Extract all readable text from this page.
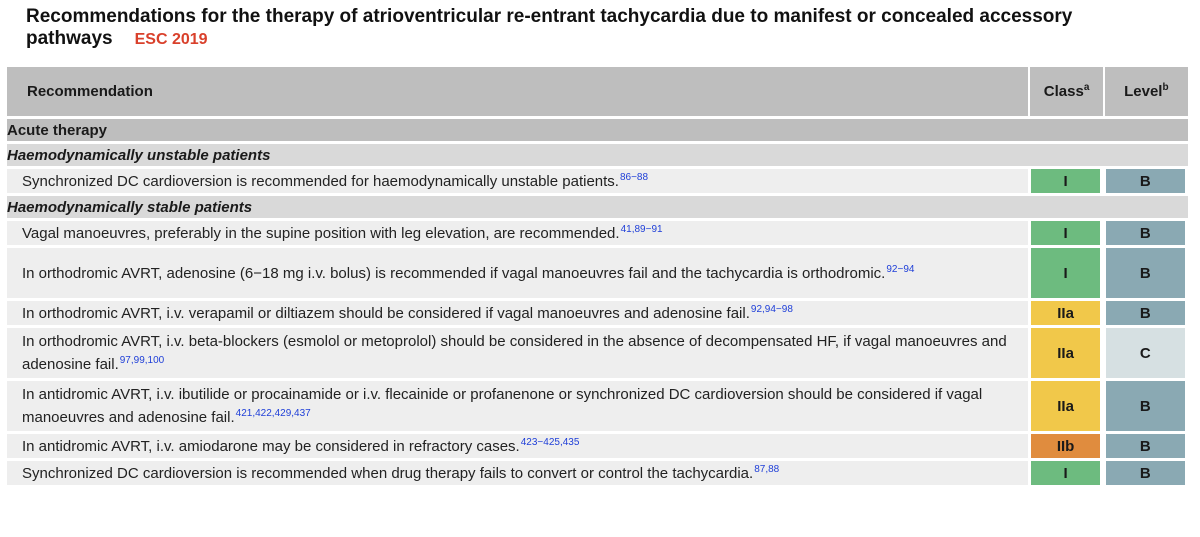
Recommendations for the therapy of atrioventricular re-entrant tachycardia due to manifest or concealed accessory pathways ESC 2019
Recommendation	Class$^a$	Level$^b$
Acute therapy		
Haemodynamically unstable patients		
Synchronized DC cardioversion is recommended for haemodynamically unstable patients.$^{86-88}$	I	B

Haemodynamically stable patients		
Vagal manoeuvres, preferably in the supine position with leg elevation, are recommended.$^{41,89-91}$	I	B

In orthodromic AVRT, adenosine (6−18 mg i.v. bolus) is recommended if vagal manoeuvres fail and the tachycardia is orthodromic.$^{92-94}$	I	B

In orthodromic AVRT, i.v. verapamil or diltiazem should be considered if vagal manoeuvres and adenosine fail.$^{92,94-98}$	IIa	B

In orthodromic AVRT, i.v. beta-blockers (esmolol or metoprolol) should be considered in the absence of decompensated HF, if vagal manoeuvres and adenosine fail.$^{97,99,100}$	IIa	C

In antidromic AVRT, i.v. ibutilide or procainamide or i.v. flecainide or profanenone or synchronized DC cardioversion should be considered if vagal manoeuvres and adenosine fail.$^{421,422,429,437}$	IIa	B

In antidromic AVRT, i.v. amiodarone may be considered in refractory cases.$^{423-425,435}$	IIb	B

Synchronized DC cardioversion is recommended when drug therapy fails to convert or control the tachycardia.$^{87,88}$	I	B
